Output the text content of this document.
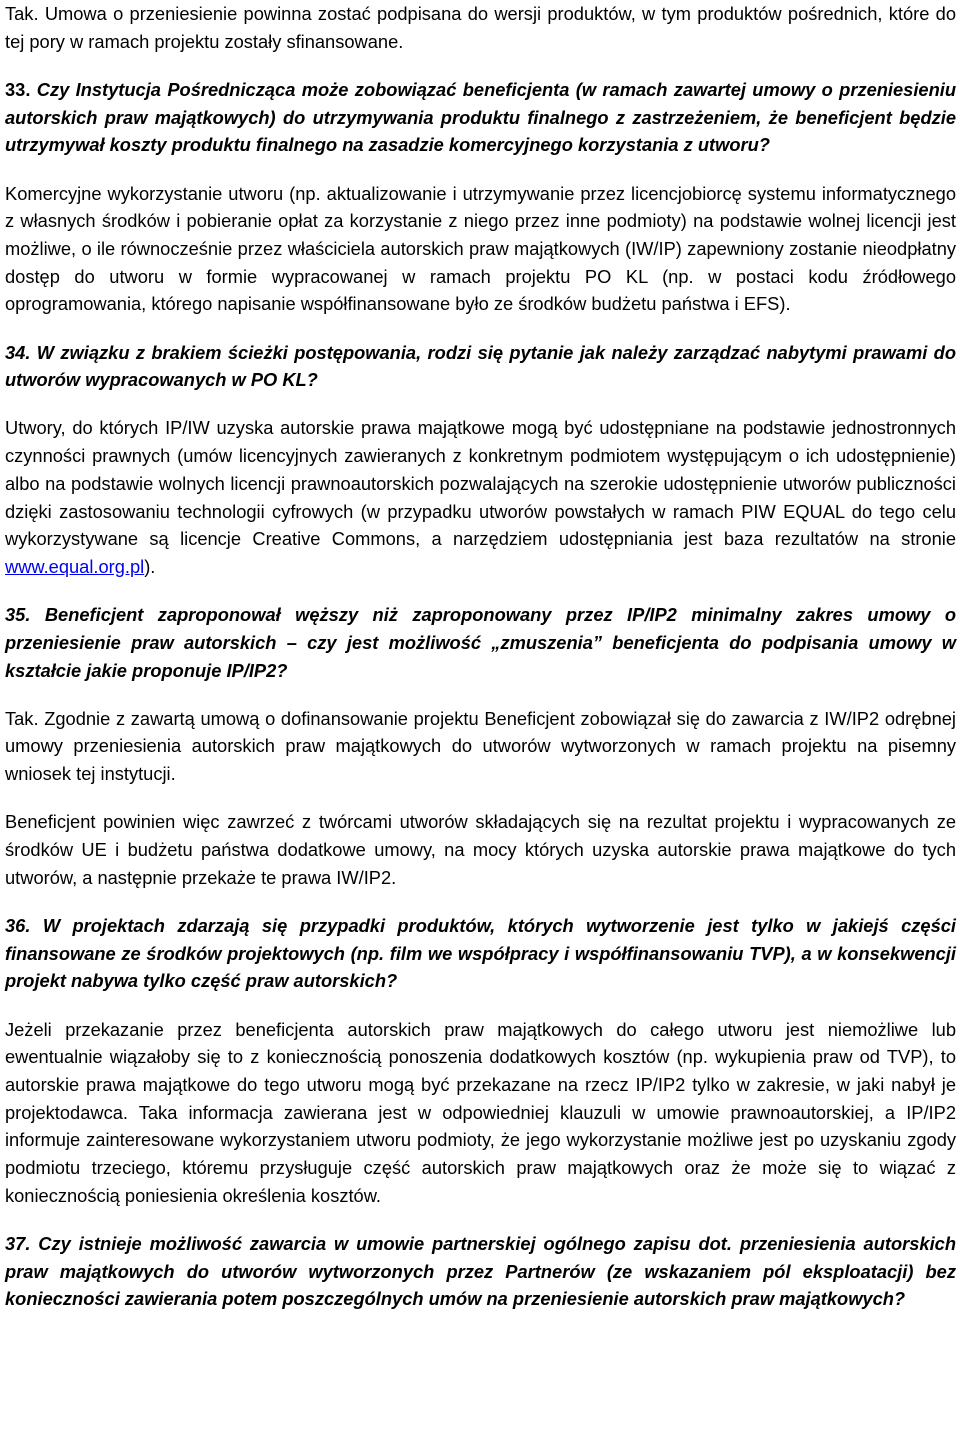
Tak. Umowa o przeniesienie powinna zostać podpisana do wersji produktów, w tym produktów pośrednich, które do tej pory w ramach projektu zostały sfinansowane.

33. Czy Instytucja Pośrednicząca może zobowiązać beneficjenta (w ramach zawartej umowy o przeniesieniu autorskich praw majątkowych) do utrzymywania produktu finalnego z zastrzeżeniem, że beneficjent będzie utrzymywał koszty produktu finalnego na zasadzie komercyjnego korzystania z utworu?

Komercyjne wykorzystanie utworu (np. aktualizowanie i utrzymywanie przez licencjobiorcę systemu informatycznego z własnych środków i pobieranie opłat za korzystanie z niego przez inne podmioty) na podstawie wolnej licencji jest możliwe, o ile równocześnie przez właściciela autorskich praw majątkowych (IW/IP) zapewniony zostanie nieodpłatny dostęp do utworu w formie wypracowanej w ramach projektu PO KL (np. w postaci kodu źródłowego oprogramowania, którego napisanie współfinansowane było ze środków budżetu państwa i EFS).

34. W związku z brakiem ścieżki postępowania, rodzi się pytanie jak należy zarządzać nabytymi prawami do utworów wypracowanych w PO KL?

Utwory, do których IP/IW uzyska autorskie prawa majątkowe mogą być udostępniane na podstawie jednostronnych czynności prawnych (umów licencyjnych zawieranych z konkretnym podmiotem występującym o ich udostępnienie) albo na podstawie wolnych licencji prawnoautorskich pozwalających na szerokie udostępnienie utworów publiczności dzięki zastosowaniu technologii cyfrowych (w przypadku utworów powstałych w ramach PIW EQUAL do tego celu wykorzystywane są licencje Creative Commons, a narzędziem udostępniania jest baza rezultatów na stronie www.equal.org.pl).

35. Beneficjent zaproponował węższy niż zaproponowany przez IP/IP2 minimalny zakres umowy o przeniesienie praw autorskich – czy jest możliwość „zmuszenia” beneficjenta do podpisania umowy w kształcie jakie proponuje IP/IP2?

Tak. Zgodnie z zawartą umową o dofinansowanie projektu Beneficjent zobowiązał się do zawarcia z IW/IP2 odrębnej umowy przeniesienia autorskich praw majątkowych do utworów wytworzonych w ramach projektu na pisemny wniosek tej instytucji.

Beneficjent powinien więc zawrzeć z twórcami utworów składających się na rezultat projektu i wypracowanych ze środków UE i budżetu państwa dodatkowe umowy, na mocy których uzyska autorskie prawa majątkowe do tych utworów, a następnie przekaże te prawa IW/IP2.

36. W projektach zdarzają się przypadki produktów, których wytworzenie jest tylko w jakiejś części finansowane ze środków projektowych (np. film we współpracy i współfinansowaniu TVP), a w konsekwencji projekt nabywa tylko część praw autorskich?

Jeżeli przekazanie przez beneficjenta autorskich praw majątkowych do całego utworu jest niemożliwe lub ewentualnie wiązałoby się to z koniecznością ponoszenia dodatkowych kosztów (np. wykupienia praw od TVP), to autorskie prawa majątkowe do tego utworu mogą być przekazane na rzecz IP/IP2 tylko w zakresie, w jaki nabył je projektodawca. Taka informacja zawierana jest w odpowiedniej klauzuli w umowie prawnoautorskiej, a IP/IP2 informuje zainteresowane wykorzystaniem utworu podmioty, że jego wykorzystanie możliwe jest po uzyskaniu zgody podmiotu trzeciego, któremu przysługuje część autorskich praw majątkowych oraz że może się to wiązać z koniecznością poniesienia określenia kosztów.

37. Czy istnieje możliwość zawarcia w umowie partnerskiej ogólnego zapisu dot. przeniesienia autorskich praw majątkowych do utworów wytworzonych przez Partnerów (ze wskazaniem pól eksploatacji) bez konieczności zawierania potem poszczególnych umów na przeniesienie autorskich praw majątkowych?
